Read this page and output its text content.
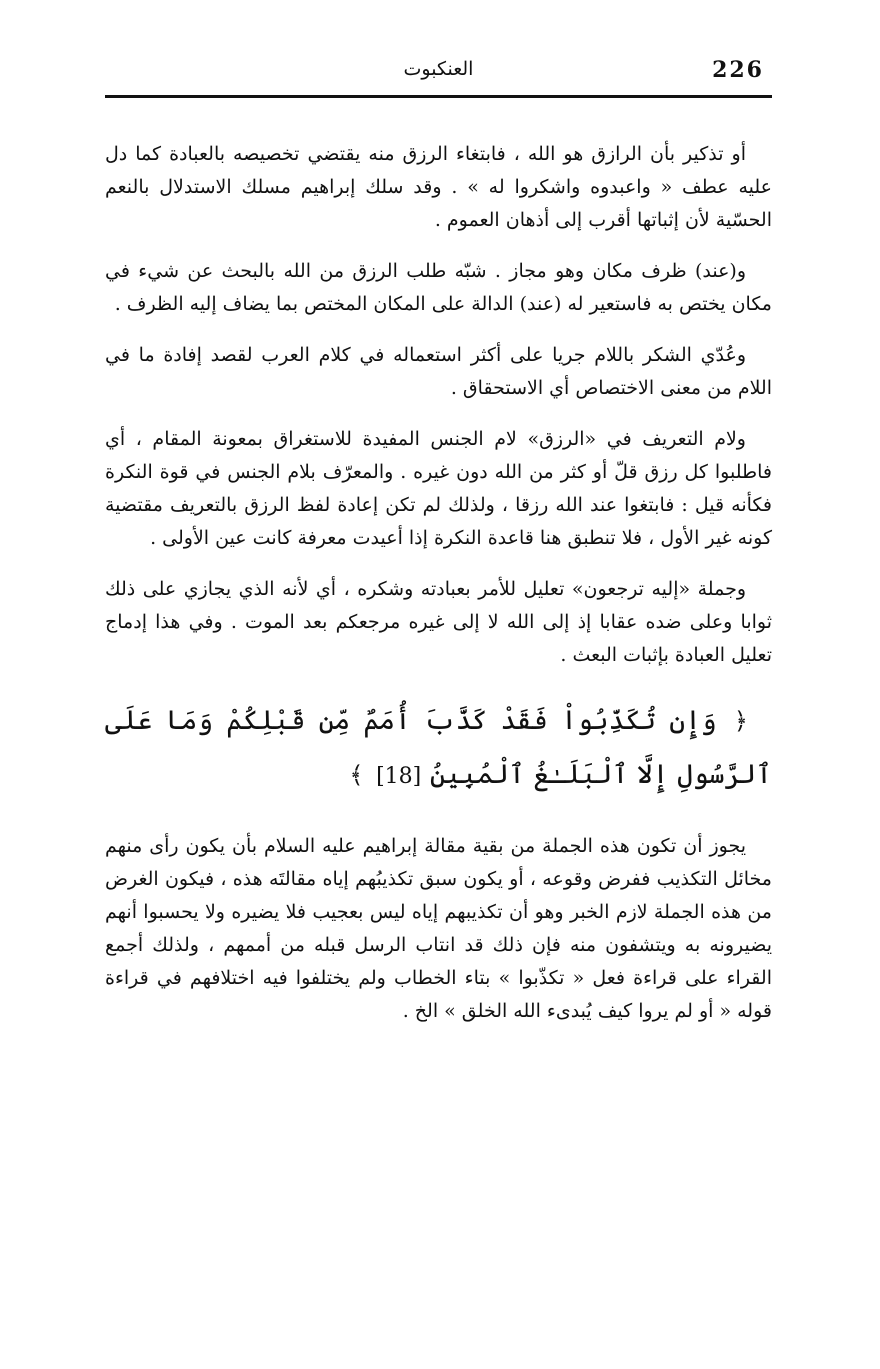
226
العنكبوت

أو تذكير بأن الرازق هو الله ، فابتغاء الرزق منه يقتضي تخصيصه بالعبادة كما دل عليه عطف « واعبدوه واشكروا له » . وقد سلك إبراهيم مسلك الاستدلال بالنعم الحسّية لأن إثباتها أقرب إلى أذهان العموم .

و(عند) ظرف مكان وهو مجاز . شبّه طلب الرزق من الله بالبحث عن شيء في مكان يختص به فاستعير له (عند) الدالة على المكان المختص بما يضاف إليه الظرف .

وعُدّي الشكر باللام جريا على أكثر استعماله في كلام العرب لقصد إفادة ما في اللام من معنى الاختصاص أي الاستحقاق .

ولام التعريف في «الرزق» لام الجنس المفيدة للاستغراق بمعونة المقام ، أي فاطلبوا كل رزق قلّ أو كثر من الله دون غيره . والمعرّف بلام الجنس في قوة النكرة فكأنه قيل : فابتغوا عند الله رزقا ، ولذلك لم تكن إعادة لفظ الرزق بالتعريف مقتضية كونه غير الأول ، فلا تنطبق هنا قاعدة النكرة إذا أعيدت معرفة كانت عين الأولى .

وجملة «إليه ترجعون» تعليل للأمر بعبادته وشكره ، أي لأنه الذي يجازي على ذلك ثوابا وعلى ضده عقابا إذ إلى الله لا إلى غيره مرجعكم بعد الموت . وفي هذا إدماج تعليل العبادة بإثبات البعث .

﴿ وَإِن تُكَذِّبُواْ فَقَدْ كَذَّبَ أُمَمٌ مِّن قَبْلِكُمْ وَمَا عَلَى ٱلرَّسُولِ إِلَّا ٱلْبَلَـٰغُ ٱلْمُبِينُ [18] ﴾

يجوز أن تكون هذه الجملة من بقية مقالة إبراهيم عليه السلام بأن يكون رأى منهم مخائل التكذيب ففرض وقوعه ، أو يكون سبق تكذيبُهم إياه مقالتَه هذه ، فيكون الغرض من هذه الجملة لازم الخبر وهو أن تكذيبهم إياه ليس بعجيب فلا يضيره ولا يحسبوا أنهم يضيرونه به ويتشفون منه فإن ذلك قد انتاب الرسل قبله من أممهم ، ولذلك أجمع القراء على قراءة فعل « تكذّبوا » بتاء الخطاب ولم يختلفوا فيه اختلافهم في قراءة قوله « أو لم يروا كيف يُبدىء الله الخلق » الخ .
